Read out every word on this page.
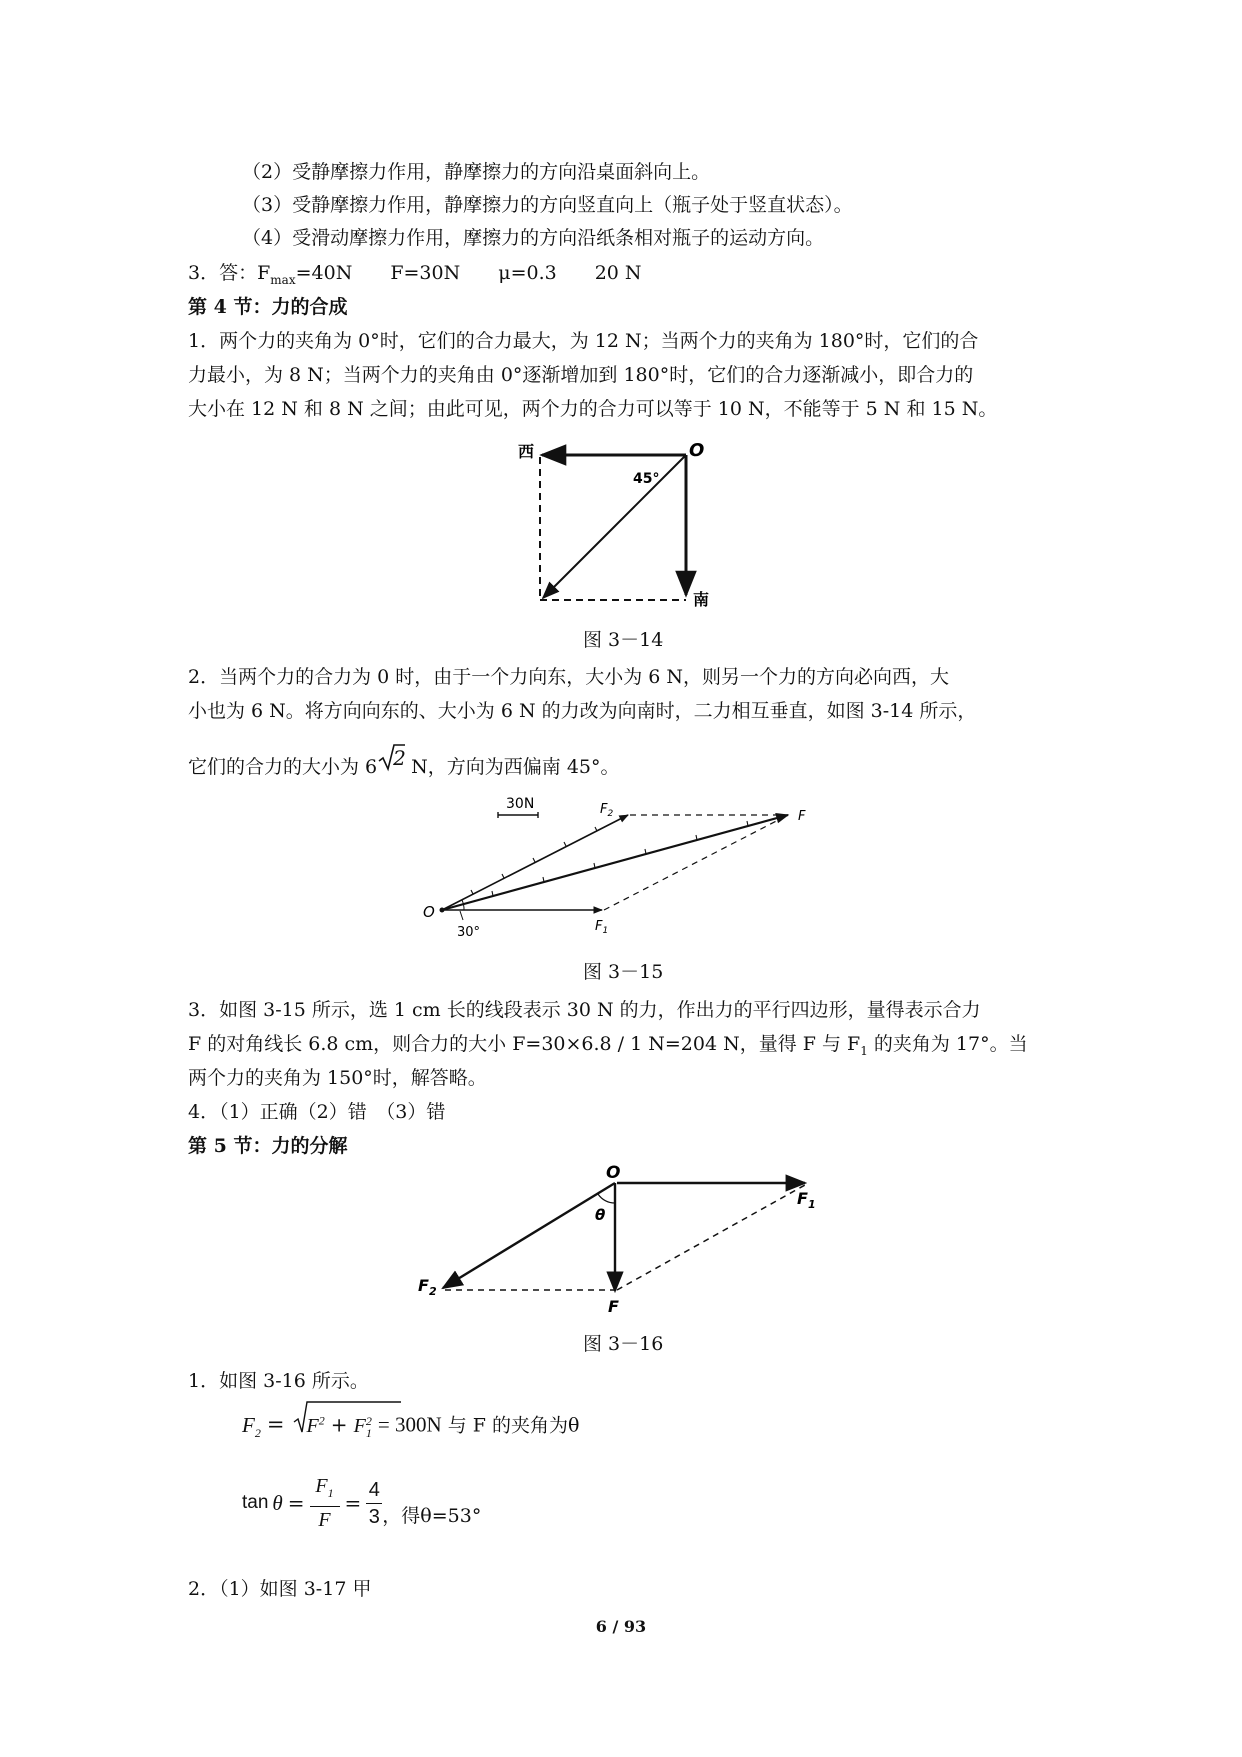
（2）受静摩擦力作用，静摩擦力的方向沿桌面斜向上。
（3）受静摩擦力作用，静摩擦力的方向竖直向上（瓶子处于竖直状态）。
（4）受滑动摩擦力作用，摩擦力的方向沿纸条相对瓶子的运动方向。
3．答：$F_{max}=40N$　　F=30N　　μ=0.3　　20 N
第 4 节：力的合成
1．两个力的夹角为 0°时，它们的合力最大，为 12 N；当两个力的夹角为 180°时，它们的合
力最小，为 8 N；当两个力的夹角由 0°逐渐增加到 180°时，它们的合力逐渐减小，即合力的
大小在 12 N 和 8 N 之间；由此可见，两个力的合力可以等于 10 N，不能等于 5 N 和 15 N。
西
南
O
45°
图 3－14
2．当两个力的合力为 0 时，由于一个力向东，大小为 6 N，则另一个力的方向必向西，大
小也为 6 N。将方向向东的、大小为 6 N 的力改为向南时，二力相互垂直，如图 3-14 所示，
它们的合力的大小为 6 2 N，方向为西偏南 45°。
30N
O
30°	$F_1$
$F_2$	F
图 3－15
3．如图 3-15 所示，选 1 cm 长的线段表示 30 N 的力，作出力的平行四边形，量得表示合力
F 的对角线长 6.8 cm，则合力的大小 F=30×6.8 / 1 N=204 N，量得 F 与 $F_1$ 的夹角为 17°。当
两个力的夹角为 150°时，解答略。
4．（1）正确（2）错　（3）错
第 5 节：力的分解
O
θ
F
$F_1$
$F_2$
图 3－16
1．如图 3-16 所示。
$F_2 = F^2 + F$ 2
1 = 300N 与 F 的夹角为θ
tan θ =
$F_1$
F
=
4
3 ，得θ=53°
2．（1）如图 3-17 甲
6 / 93
